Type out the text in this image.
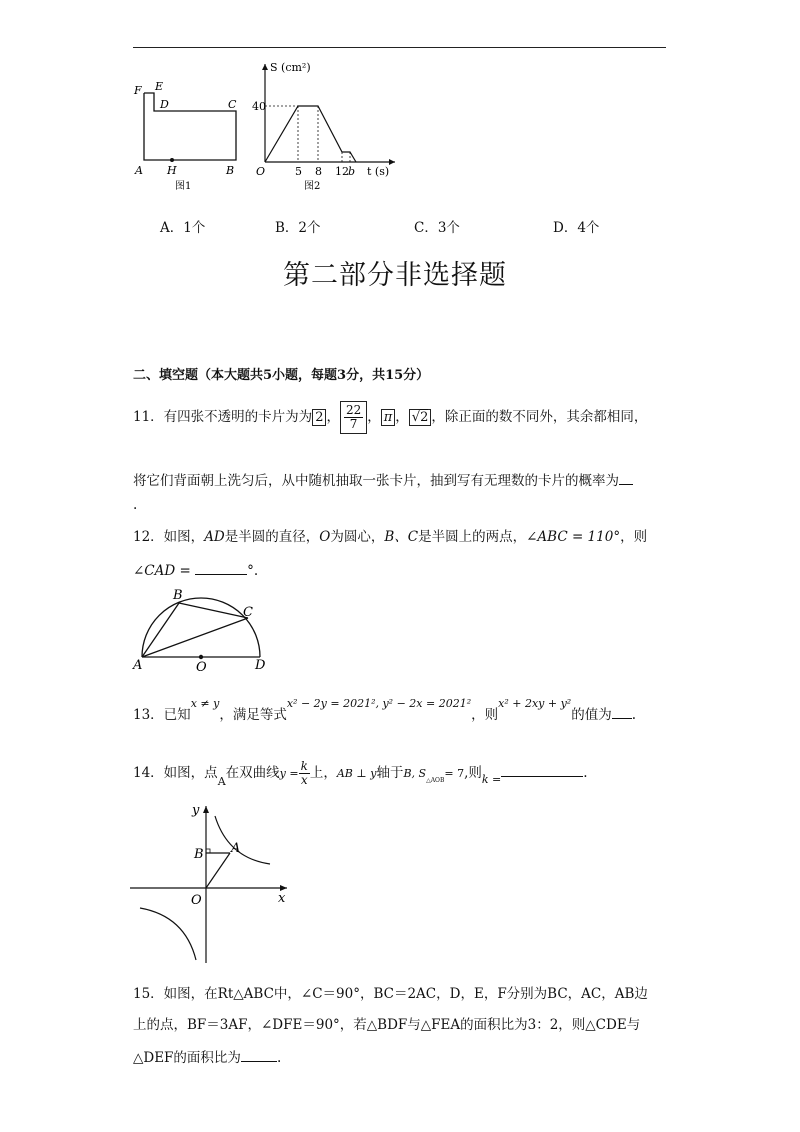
F E
D	C
A H	B
图1
S (cm²)
40
O	5 8 12 b t (s)
图2
A．1个	B．2个	C．3个	D．4个
第二部分非选择题
二、填空题（本大题共5小题，每题3分，共15分）
11．有四张不透明的卡片为为 2 ， $\frac{22}{7}$ ， π ， √2 ，除正面的数不同外，其余都相同，
将它们背面朝上洗匀后，从中随机抽取一张卡片，抽到写有无理数的卡片的概率为
.
12．如图，AD是半圆的直径，O为圆心，B、C是半圆上的两点，∠ABC = 110°，则
∠CAD =	°.
A
B
C
O	D
13．已知$^{x \ne y}$，满足等式$^{x^2 - 2y = 2021^2, y^2 - 2x = 2021^2}$，则$^{x^2 + 2xy + y^2}$的值为 .
14．如图，点$_A$在双曲线$y = \frac{k}{x}$上，AB ⊥ y轴于B, $S_{\triangle AOB}= 7$,则$_{k =}$	.
y
x
O
A
B
15．如图，在Rt△ABC中，∠C＝90°，BC＝2AC，D，E，F分别为BC，AC，AB边
上的点，BF＝3AF，∠DFE＝90°，若△BDF与△FEA的面积比为3：2，则△CDE与
△DEF的面积比为	.
